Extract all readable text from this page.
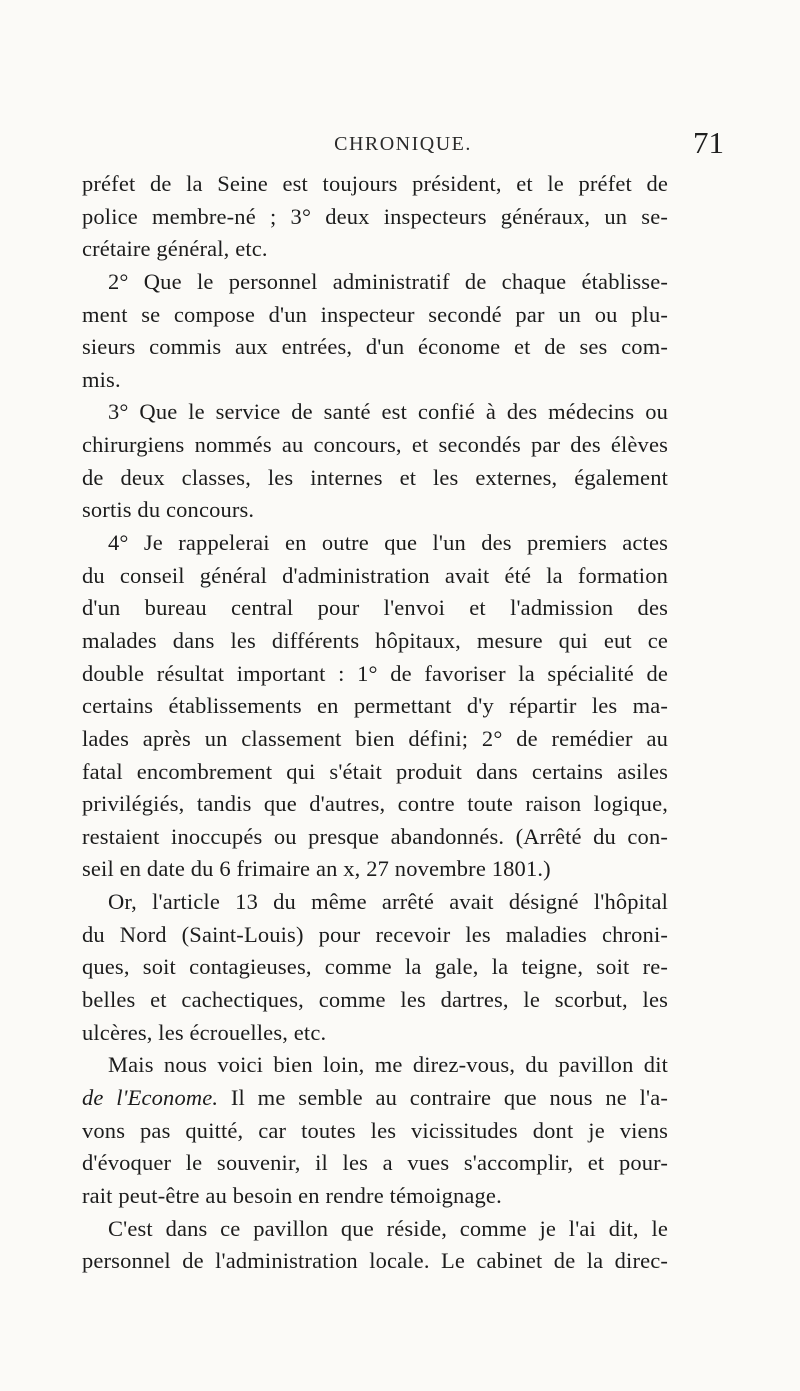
CHRONIQUE.	71
préfet de la Seine est toujours président, et le préfet de
police membre-né ; 3° deux inspecteurs généraux, un se-
crétaire général, etc.
2° Que le personnel administratif de chaque établisse-
ment se compose d'un inspecteur secondé par un ou plu-
sieurs commis aux entrées, d'un économe et de ses com-
mis.
3° Que le service de santé est confié à des médecins ou
chirurgiens nommés au concours, et secondés par des élèves
de deux classes, les internes et les externes, également
sortis du concours.
4° Je rappelerai en outre que l'un des premiers actes
du conseil général d'administration avait été la formation
d'un bureau central pour l'envoi et l'admission des
malades dans les différents hôpitaux, mesure qui eut ce
double résultat important : 1° de favoriser la spécialité de
certains établissements en permettant d'y répartir les ma-
lades après un classement bien défini; 2° de remédier au
fatal encombrement qui s'était produit dans certains asiles
privilégiés, tandis que d'autres, contre toute raison logique,
restaient inoccupés ou presque abandonnés. (Arrêté du con-
seil en date du 6 frimaire an x, 27 novembre 1801.)
Or, l'article 13 du même arrêté avait désigné l'hôpital
du Nord (Saint-Louis) pour recevoir les maladies chroni-
ques, soit contagieuses, comme la gale, la teigne, soit re-
belles et cachectiques, comme les dartres, le scorbut, les
ulcères, les écrouelles, etc.
Mais nous voici bien loin, me direz-vous, du pavillon dit
de l'Econome. Il me semble au contraire que nous ne l'a-
vons pas quitté, car toutes les vicissitudes dont je viens
d'évoquer le souvenir, il les a vues s'accomplir, et pour-
rait peut-être au besoin en rendre témoignage.
C'est dans ce pavillon que réside, comme je l'ai dit, le
personnel de l'administration locale. Le cabinet de la direc-
